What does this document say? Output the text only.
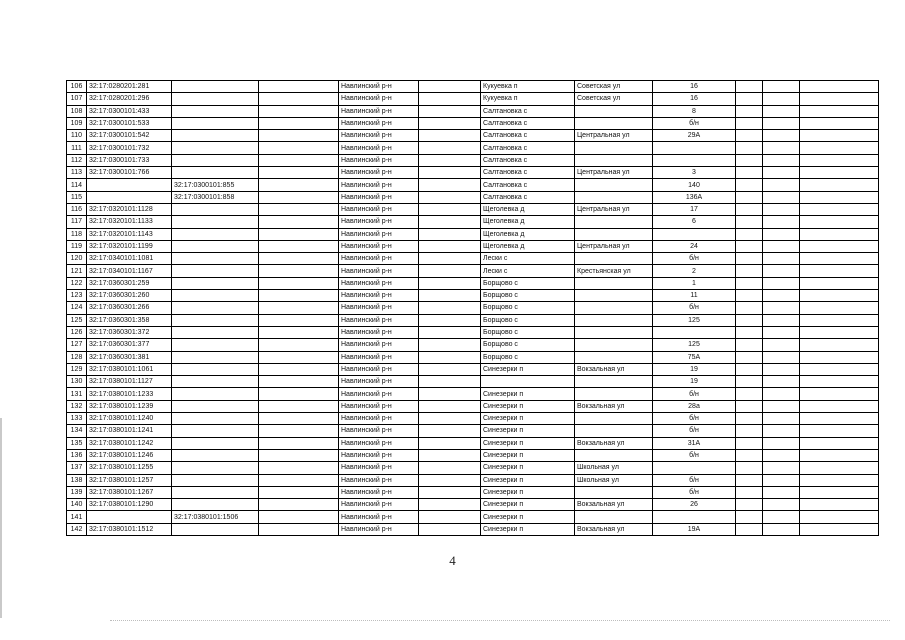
106	32:17:0280201:281			Навлинский р-н		Кукуевка п	Советская ул	16			
107	32:17:0280201:296			Навлинский р-н		Кукуевка п	Советская ул	16			
108	32:17:0300101:433			Навлинский р-н		Салтановка с		8			
109	32:17:0300101:533			Навлинский р-н		Салтановка с		б/н			
110	32:17:0300101:542			Навлинский р-н		Салтановка с	Центральная ул	29А			
111	32:17:0300101:732			Навлинский р-н		Салтановка с					
112	32:17:0300101:733			Навлинский р-н		Салтановка с					
113	32:17:0300101:766			Навлинский р-н		Салтановка с	Центральная ул	3			
114		32:17:0300101:855		Навлинский р-н		Салтановка с		140			
115		32:17:0300101:858		Навлинский р-н		Салтановка с		136А			
116	32:17:0320101:1128			Навлинский р-н		Щеголевка д	Центральная ул	17			
117	32:17:0320101:1133			Навлинский р-н		Щеголевка д		6			
118	32:17:0320101:1143			Навлинский р-н		Щеголевка д					
119	32:17:0320101:1199			Навлинский р-н		Щеголевка д	Центральная ул	24			
120	32:17:0340101:1081			Навлинский р-н		Лески с		б/н			
121	32:17:0340101:1167			Навлинский р-н		Лески с	Крестьянская ул	2			
122	32:17:0360301:259			Навлинский р-н		Борщово с		1			
123	32:17:0360301:260			Навлинский р-н		Борщово с		11			
124	32:17:0360301:266			Навлинский р-н		Борщово с		б/н			
125	32:17:0360301:358			Навлинский р-н		Борщово с		125			
126	32:17:0360301:372			Навлинский р-н		Борщово с					
127	32:17:0360301:377			Навлинский р-н		Борщово с		125			
128	32:17:0360301:381			Навлинский р-н		Борщово с		75А			
129	32:17:0380101:1061			Навлинский р-н		Синезерки п	Вокзальная ул	19			
130	32:17:0380101:1127			Навлинский р-н				19			
131	32:17:0380101:1233			Навлинский р-н		Синезерки п		б/н			
132	32:17:0380101:1239			Навлинский р-н		Синезерки п	Вокзальная ул	28а			
133	32:17:0380101:1240			Навлинский р-н		Синезерки п		б/н			
134	32:17:0380101:1241			Навлинский р-н		Синезерки п		б/н			
135	32:17:0380101:1242			Навлинский р-н		Синезерки п	Вокзальная ул	31А			
136	32:17:0380101:1246			Навлинский р-н		Синезерки п		б/н			
137	32:17:0380101:1255			Навлинский р-н		Синезерки п	Школьная ул				
138	32:17:0380101:1257			Навлинский р-н		Синезерки п	Школьная ул	б/н			
139	32:17:0380101:1267			Навлинский р-н		Синезерки п		б/н			
140	32:17:0380101:1290			Навлинский р-н		Синезерки п	Вокзальная ул	26			
141		32:17:0380101:1506		Навлинский р-н		Синезерки п					
142	32:17:0380101:1512			Навлинский р-н		Синезерки п	Вокзальная ул	19А			
4
